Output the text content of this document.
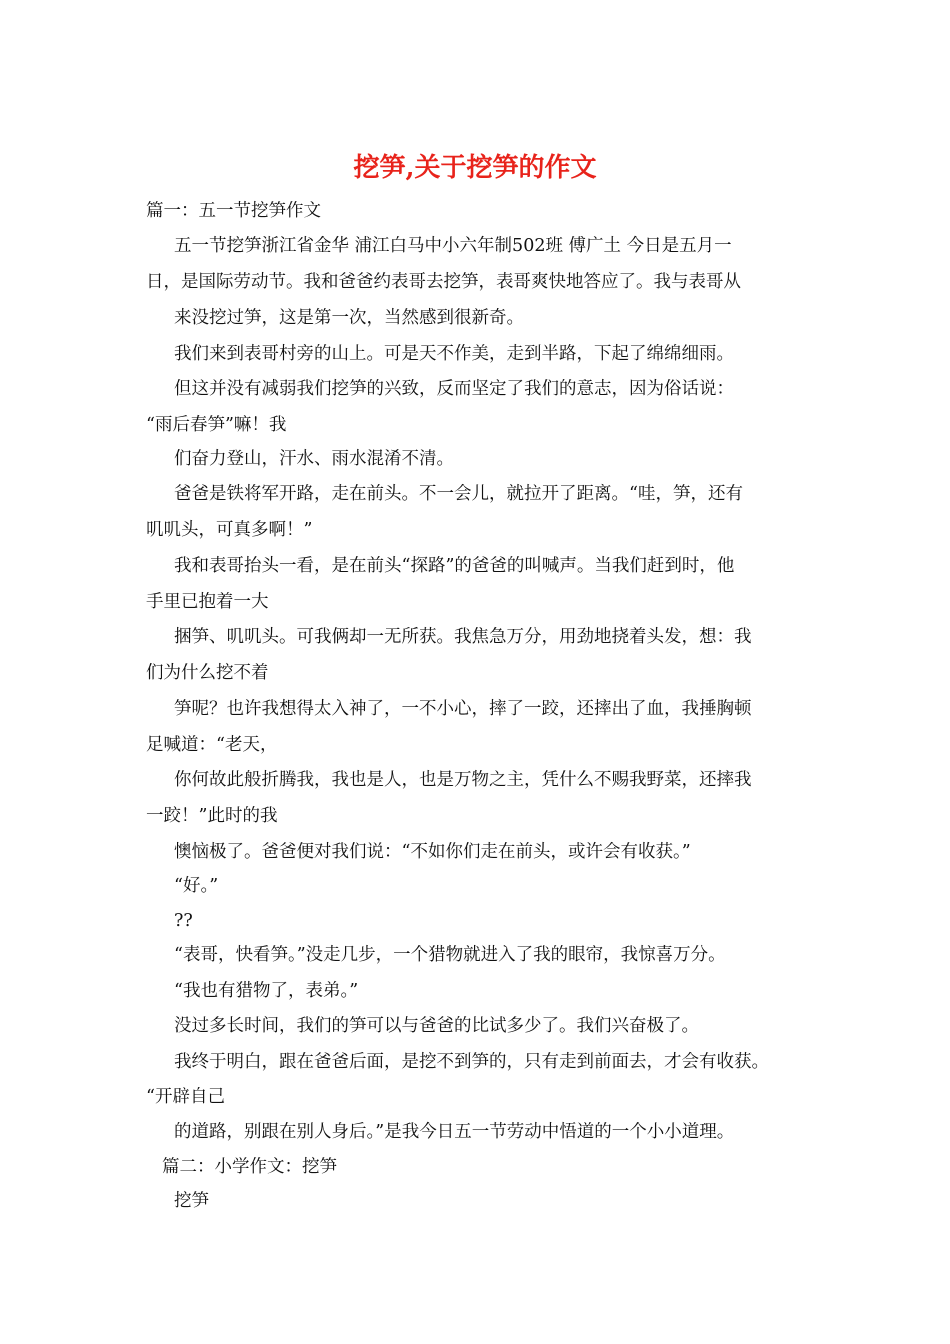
挖笋,关于挖笋的作文
篇一：五一节挖笋作文
五一节挖笋浙江省金华 浦江白马中小六年制502班 傅广土 今日是五月一
日，是国际劳动节。我和爸爸约表哥去挖笋，表哥爽快地答应了。我与表哥从
来没挖过笋，这是第一次，当然感到很新奇。
我们来到表哥村旁的山上。可是天不作美，走到半路，下起了绵绵细雨。
但这并没有减弱我们挖笋的兴致，反而坚定了我们的意志，因为俗话说：
“雨后春笋”嘛！我
们奋力登山，汗水、雨水混淆不清。
爸爸是铁将军开路，走在前头。不一会儿，就拉开了距离。“哇，笋，还有
叽叽头，可真多啊！”
我和表哥抬头一看，是在前头“探路”的爸爸的叫喊声。当我们赶到时，他
手里已抱着一大
捆笋、叽叽头。可我俩却一无所获。我焦急万分，用劲地挠着头发，想：我
们为什么挖不着
笋呢？也许我想得太入神了，一不小心，摔了一跤，还摔出了血，我捶胸顿
足喊道：“老天，
你何故此般折腾我，我也是人，也是万物之主，凭什么不赐我野菜，还摔我
一跤！”此时的我
懊恼极了。爸爸便对我们说：“不如你们走在前头，或许会有收获。”
“好。”
??
“表哥，快看笋。”没走几步，一个猎物就进入了我的眼帘，我惊喜万分。
“我也有猎物了，表弟。”
没过多长时间，我们的笋可以与爸爸的比试多少了。我们兴奋极了。
我终于明白，跟在爸爸后面，是挖不到笋的，只有走到前面去，才会有收获。
“开辟自己
的道路，别跟在别人身后。”是我今日五一节劳动中悟道的一个小小道理。
篇二：小学作文：挖笋
挖笋
